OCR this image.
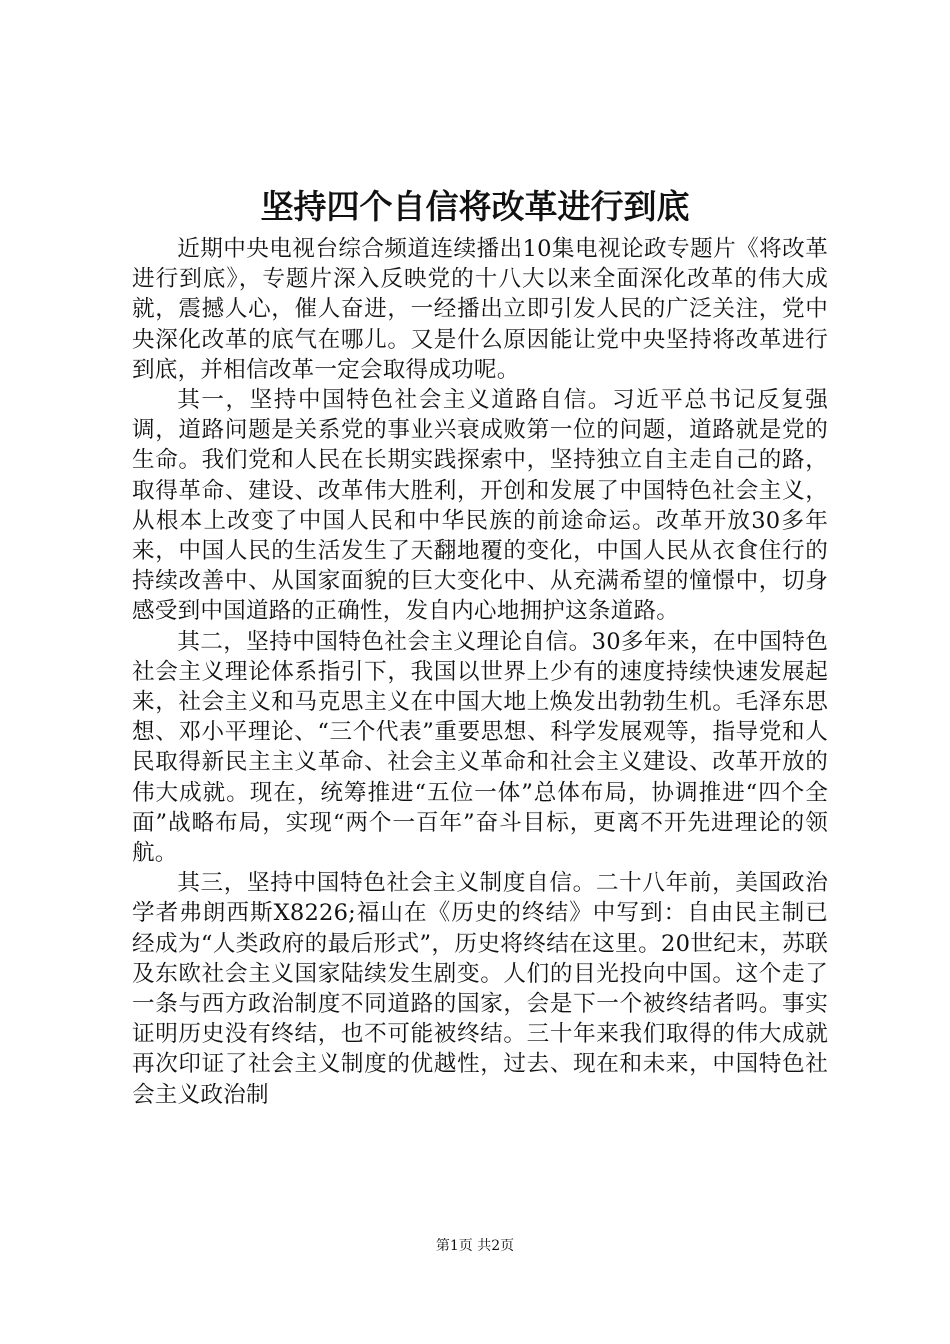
坚持四个自信将改革进行到底

近期中央电视台综合频道连续播出10集电视论政专题片《将改革进行到底》，专题片深入反映党的十八大以来全面深化改革的伟大成就，震撼人心，催人奋进，一经播出立即引发人民的广泛关注，党中央深化改革的底气在哪儿。又是什么原因能让党中央坚持将改革进行到底，并相信改革一定会取得成功呢。

其一，坚持中国特色社会主义道路自信。习近平总书记反复强调，道路问题是关系党的事业兴衰成败第一位的问题，道路就是党的生命。我们党和人民在长期实践探索中，坚持独立自主走自己的路，取得革命、建设、改革伟大胜利，开创和发展了中国特色社会主义，从根本上改变了中国人民和中华民族的前途命运。改革开放30多年来，中国人民的生活发生了天翻地覆的变化，中国人民从衣食住行的持续改善中、从国家面貌的巨大变化中、从充满希望的憧憬中，切身感受到中国道路的正确性，发自内心地拥护这条道路。

其二，坚持中国特色社会主义理论自信。30多年来，在中国特色社会主义理论体系指引下，我国以世界上少有的速度持续快速发展起来，社会主义和马克思主义在中国大地上焕发出勃勃生机。毛泽东思想、邓小平理论、“三个代表”重要思想、科学发展观等，指导党和人民取得新民主主义革命、社会主义革命和社会主义建设、改革开放的伟大成就。现在，统筹推进“五位一体”总体布局，协调推进“四个全面”战略布局，实现“两个一百年”奋斗目标，更离不开先进理论的领航。

其三，坚持中国特色社会主义制度自信。二十八年前，美国政治学者弗朗西斯X8226;福山在《历史的终结》中写到：自由民主制已经成为“人类政府的最后形式”，历史将终结在这里。20世纪末，苏联及东欧社会主义国家陆续发生剧变。人们的目光投向中国。这个走了一条与西方政治制度不同道路的国家，会是下一个被终结者吗。事实证明历史没有终结，也不可能被终结。三十年来我们取得的伟大成就再次印证了社会主义制度的优越性，过去、现在和未来，中国特色社会主义政治制

第1页 共2页
